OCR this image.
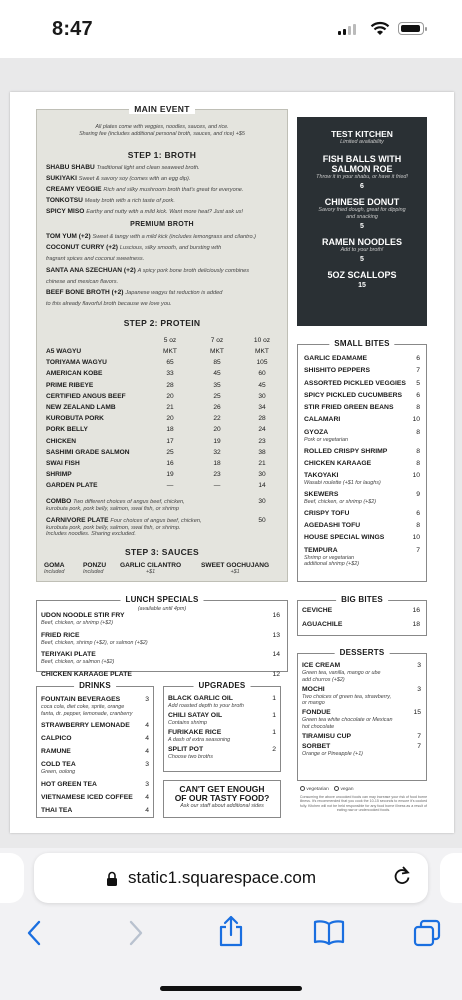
8:47
MAIN EVENT
All plates come with veggies, noodles, sauces, and rice.
Sharing fee (includes additional personal broth, sauces, and rice) +$5
STEP 1: BROTH
SHABU SHABU Traditional light and clean seaweed broth.
SUKIYAKI Sweet & savory soy (comes with an egg dip).
CREAMY VEGGIE Rich and silky mushroom broth that's great for everyone.
TONKOTSU Meaty broth with a rich taste of pork.
SPICY MISO Earthy and nutty with a mild kick. Want more heat? Just ask us!
PREMIUM BROTH
TOM YUM (+2) Sweet & tangy with a mild kick (includes lemongrass and cilantro.)
COCONUT CURRY (+2) Luscious, silky smooth, and bursting with
fragrant spices and coconut sweetness.
SANTA ANA SZECHUAN (+2) A spicy pork bone broth deliciously combines
chinese and mexican flavors.
BEEF BONE BROTH (+2) Japanese wagyu fat reduction is added
to this already flavorful broth because we love you.
STEP 2: PROTEIN
5 oz	7 oz	10 oz
A5 WAGYU	MKT	MKT	MKT
TORIYAMA WAGYU	65	85	105
AMERICAN KOBE	33	45	60
PRIME RIBEYE	28	35	45
CERTIFIED ANGUS BEEF	20	25	30
NEW ZEALAND LAMB	21	26	34
KUROBUTA PORK	20	22	28
PORK BELLY	18	20	24
CHICKEN	17	19	23
SASHIMI GRADE SALMON	25	32	38
SWAI FISH	16	18	21
SHRIMP	19	23	30
GARDEN PLATE	—	—	14
COMBO Two different choices of angus beef, chicken,
kurobuta pork, pork belly, salmon, swai fish, or shrimp
30
CARNIVORE PLATE Four choices of angus beef, chicken,
kurobuta pork, pork belly, salmon, swai fish, or shrimp.
Includes noodles. Sharing excluded.
50
STEP 3: SAUCES
GOMA
Included
PONZU
Included
GARLIC CILANTRO
+$1
SWEET GOCHUJANG
+$1
TEST KITCHEN
Limited availability
FISH BALLS WITH
SALMON ROE
Throw it in your shabu, or have it fried!
6
CHINESE DONUT
Savory fried dough, great for dipping
and snacking
5
RAMEN NOODLES
Add to your broth!
5
5OZ SCALLOPS
15
SMALL BITES
GARLIC EDAMAME	6
SHISHITO PEPPERS	7
ASSORTED PICKLED VEGGIES 5
SPICY PICKLED CUCUMBERS 6
STIR FRIED GREEN BEANS	8
CALAMARI	10
GYOZA	8
Pork or vegetarian
ROLLED CRISPY SHRIMP	8
CHICKEN KARAAGE	8
TAKOYAKI	10
Wasabi roulette (+$1 for laughs)
SKEWERS	9
Beef, chicken, or shrimp (+$2)
CRISPY TOFU	6
AGEDASHI TOFU	8
HOUSE SPECIAL WINGS	10
TEMPURA	7
Shrimp or vegetarian
additional shrimp (+$2)
LUNCH SPECIALS
(available until 4pm)
UDON NOODLE STIR FRY	16
Beef, chicken, or shrimp (+$2)
FRIED RICE	13
Beef, chicken, shrimp (+$2), or salmon (+$2)
TERIYAKI PLATE	14
Beef, chicken, or salmon (+$2)
CHICKEN KARAAGE PLATE	12
BIG BITES
CEVICHE	16
AGUACHILE	18
DRINKS
FOUNTAIN BEVERAGES	3
coca cola, diet coke, sprite, orange
fanta, dr. pepper, lemonade, cranberry
STRAWBERRY LEMONADE 4
CALPICO	4
RAMUNE	4
COLD TEA	3
Green, oolong
HOT GREEN TEA	3
VIETNAMESE ICED COFFEE 4
THAI TEA	4
UPGRADES
BLACK GARLIC OIL	1
Add roasted depth to your broth
CHILI SATAY OIL	1
Contains shrimp
FURIKAKE RICE	1
A dash of extra seasoning
SPLIT POT	2
Choose two broths
CAN'T GET ENOUGH
OF OUR TASTY FOOD?
Ask our staff about additional sides
DESSERTS
ICE CREAM	3
Green tea, vanilla, mango or ube
add churros (+$2)
MOCHI	3
Two choices of green tea, strawberry,
or mango
FONDUE	15
Green tea white chocolate or Mexican
hot chocolate
TIRAMISU CUP	7
SORBET	7
Orange or Pineapple (+1)
vegetarian vegan
Consuming the above uncooked foods can may increase your risk of food borne illness. It's recommended that you cook the 10-15 seconds to ensure it's cooked fully. Kitchen will not be held responsible for any food borne illness as a result of eating raw or undercooked foods.
static1.squarespace.com
